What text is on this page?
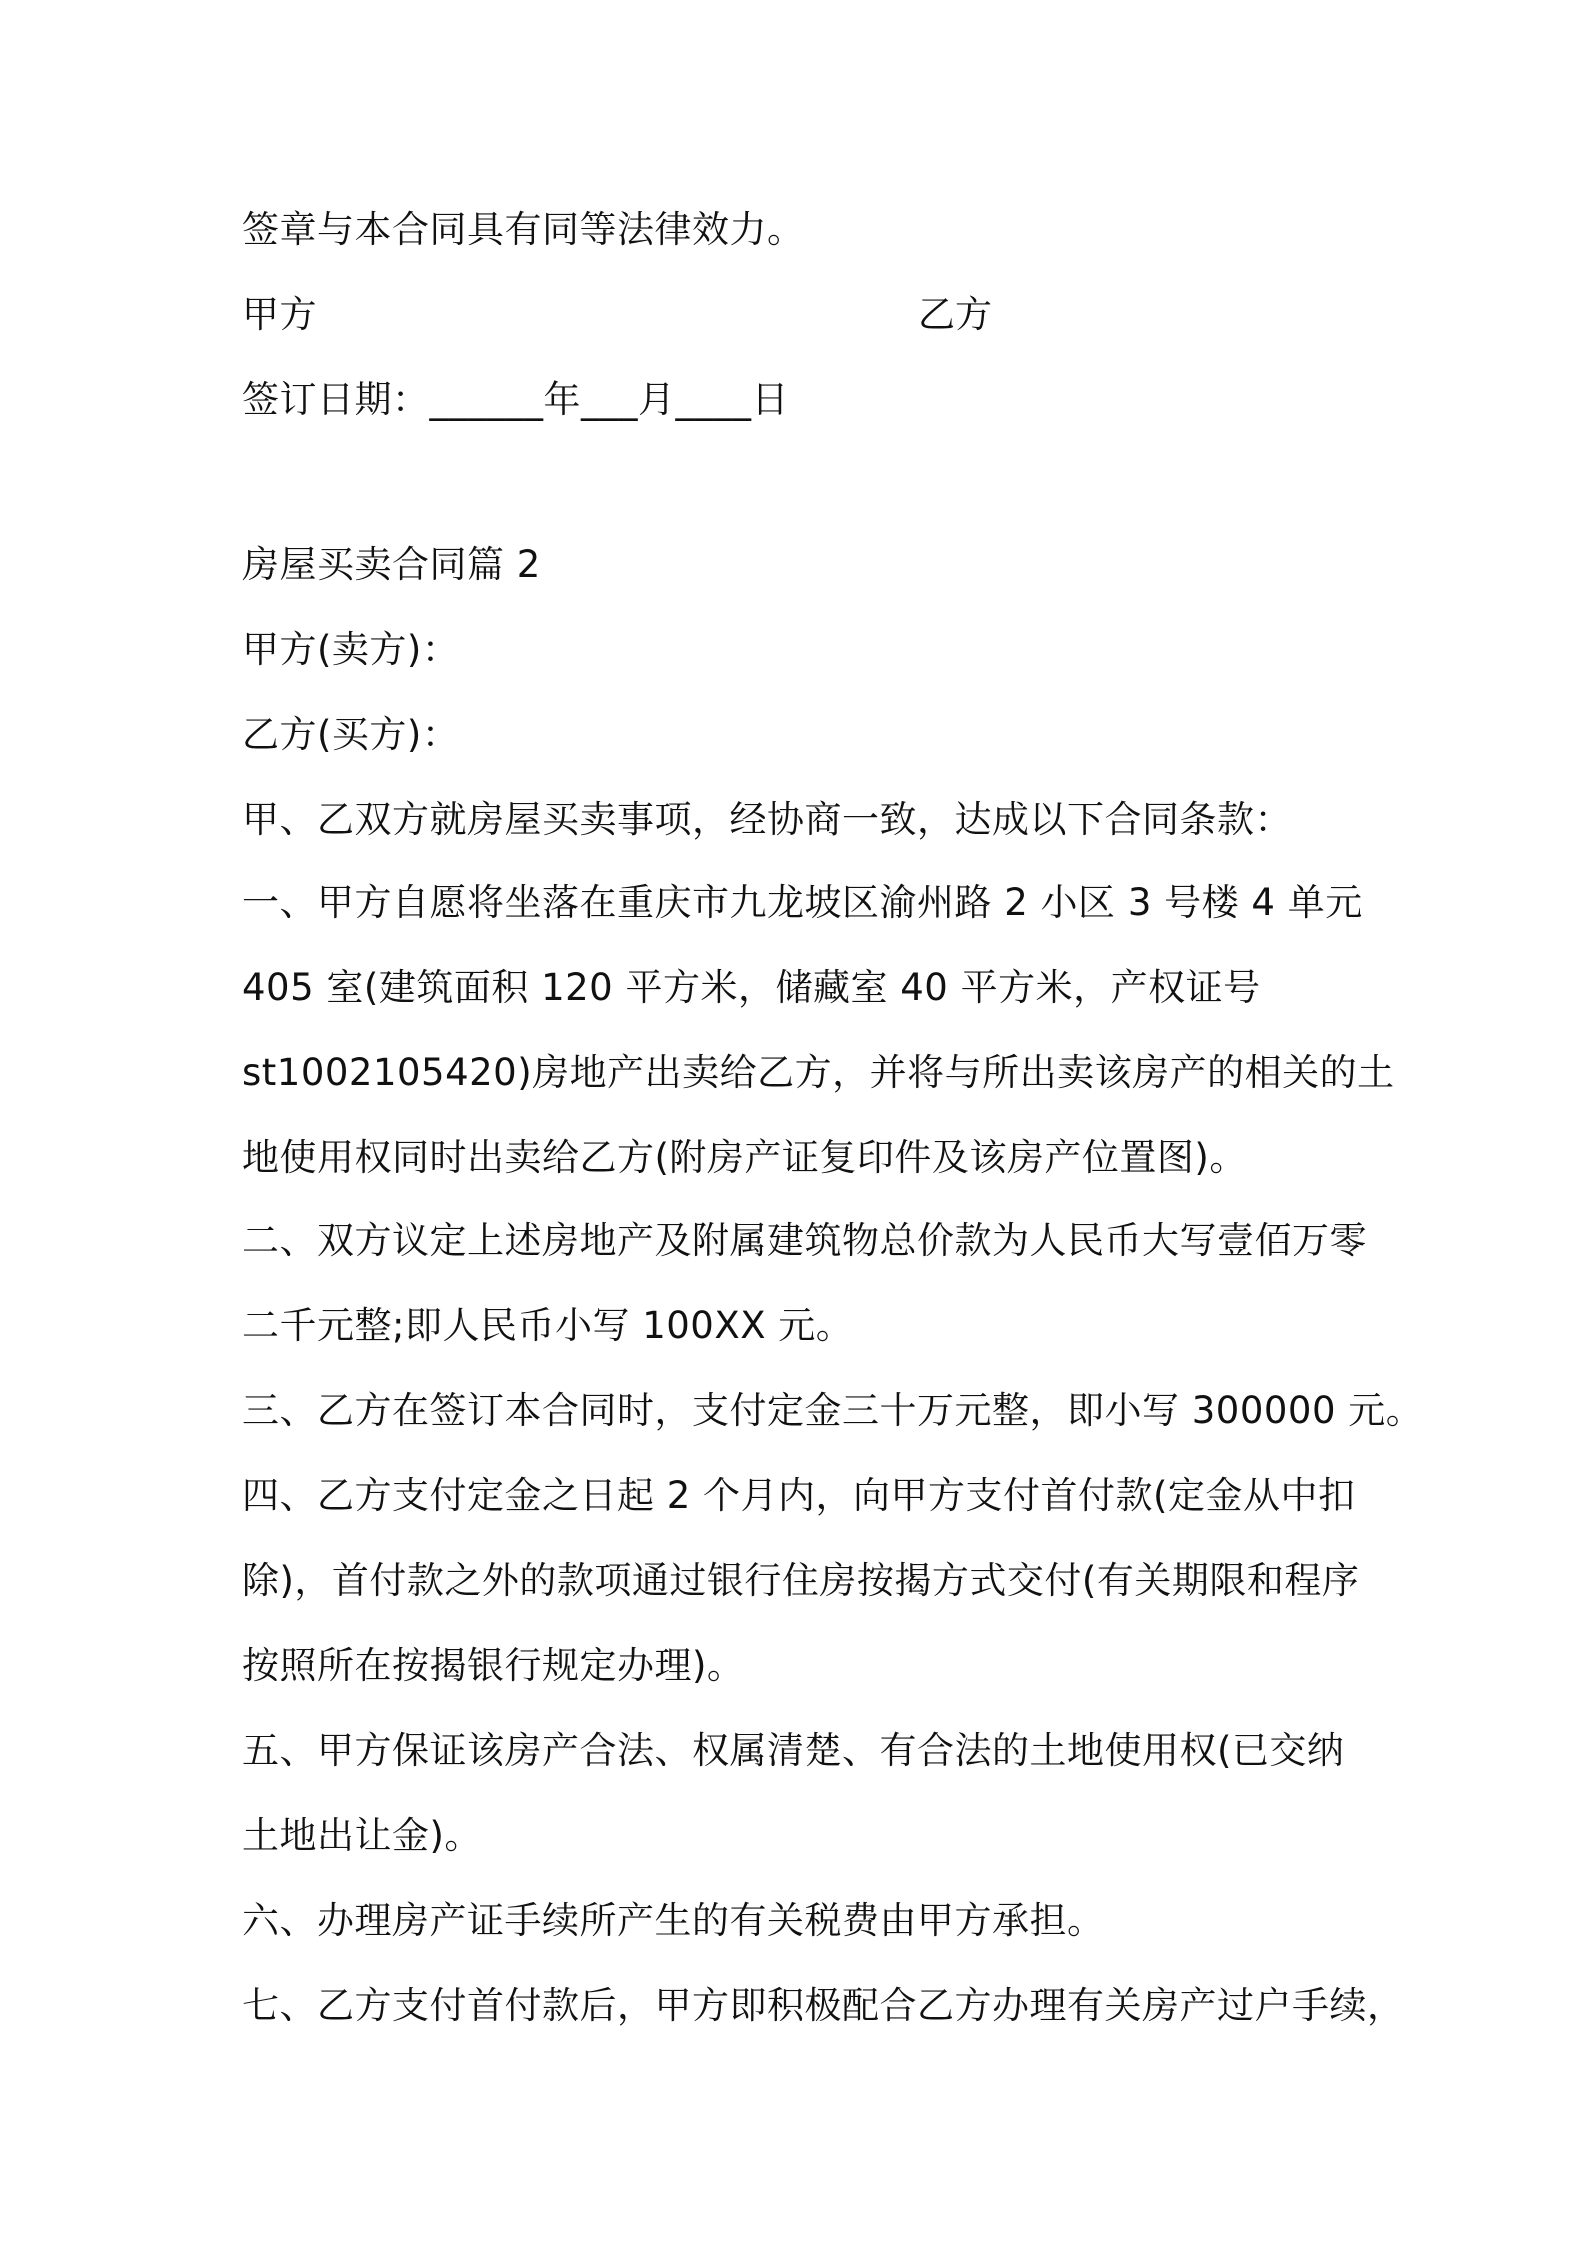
签章与本合同具有同等法律效力。
甲方	乙方
签订日期：______年___月____日
房屋买卖合同篇 2
甲方(卖方)：
乙方(买方)：
甲、乙双方就房屋买卖事项，经协商一致，达成以下合同条款：
一、甲方自愿将坐落在重庆市九龙坡区渝州路 2 小区 3 号楼 4 单元
405 室(建筑面积 120 平方米，储藏室 40 平方米，产权证号
st1002105420)房地产出卖给乙方，并将与所出卖该房产的相关的土
地使用权同时出卖给乙方(附房产证复印件及该房产位置图)。
二、双方议定上述房地产及附属建筑物总价款为人民币大写壹佰万零
二千元整;即人民币小写 100XX 元。
三、乙方在签订本合同时，支付定金三十万元整，即小写 300000 元。
四、乙方支付定金之日起 2 个月内，向甲方支付首付款(定金从中扣
除)，首付款之外的款项通过银行住房按揭方式交付(有关期限和程序
按照所在按揭银行规定办理)。
五、甲方保证该房产合法、权属清楚、有合法的土地使用权(已交纳
土地出让金)。
六、办理房产证手续所产生的有关税费由甲方承担。
七、乙方支付首付款后，甲方即积极配合乙方办理有关房产过户手续，
